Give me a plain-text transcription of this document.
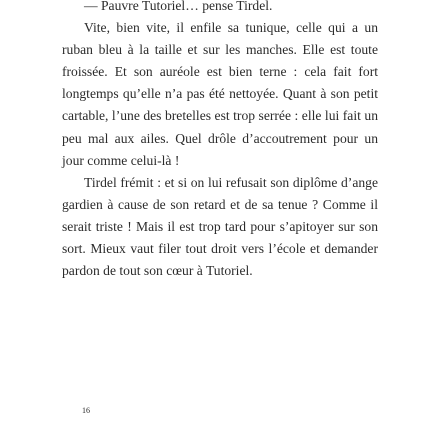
— Pauvre Tutoriel… pense Tirdel.

Vite, bien vite, il enfile sa tunique, celle qui a un ruban bleu à la taille et sur les manches. Elle est toute froissée. Et son auréole est bien terne : cela fait fort longtemps qu’elle n’a pas été nettoyée. Quant à son petit cartable, l’une des bretelles est trop serrée : elle lui fait un peu mal aux ailes. Quel drôle d’accoutrement pour un jour comme celui-là !

Tirdel frémit : et si on lui refusait son diplôme d’ange gardien à cause de son retard et de sa tenue ? Comme il serait triste ! Mais il est trop tard pour s’apitoyer sur son sort. Mieux vaut filer tout droit vers l’école et demander pardon de tout son cœur à Tutoriel.

16
